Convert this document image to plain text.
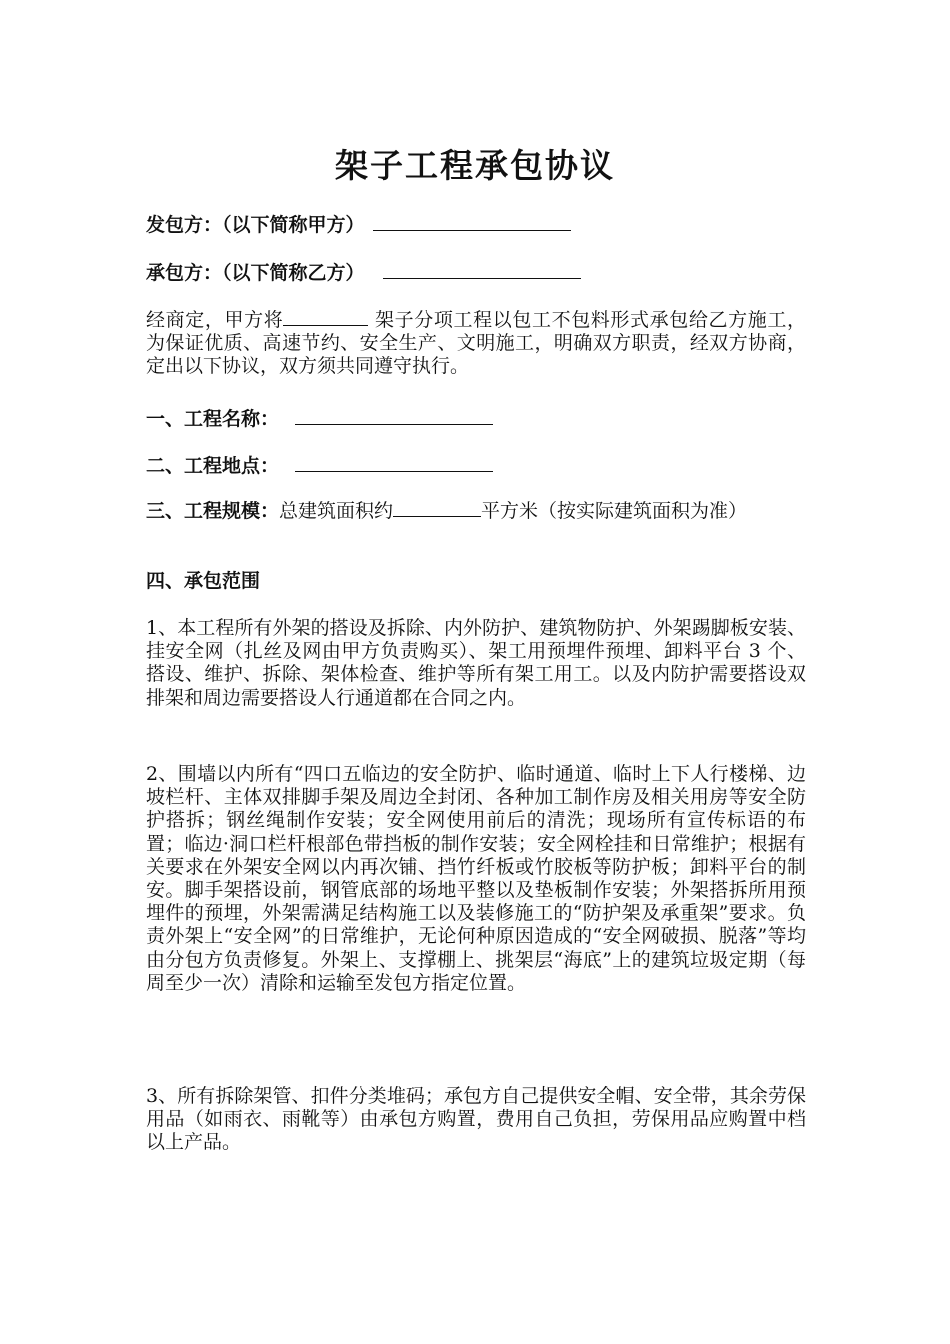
架子工程承包协议
发包方：（以下简称甲方）
承包方：（以下简称乙方）
经商定，甲方将	架子分项工程以包工不包料形式承包给乙方施工，为保证优质、高速节约、安全生产、文明施工，明确双方职责，经双方协商，定出以下协议，双方须共同遵守执行。
一、工程名称：
二、工程地点：
三、工程规模：总建筑面积约	平方米（按实际建筑面积为准）
四、承包范围
1、本工程所有外架的搭设及拆除、内外防护、建筑物防护、外架踢脚板安装、挂安全网（扎丝及网由甲方负责购买）、架工用预埋件预埋、卸料平台 3 个、搭设、维护、拆除、架体检查、维护等所有架工用工。以及内防护需要搭设双排架和周边需要搭设人行通道都在合同之内。
2、围墙以内所有“四口五临边的安全防护、临时通道、临时上下人行楼梯、边坡栏杆、主体双排脚手架及周边全封闭、各种加工制作房及相关用房等安全防护搭拆；钢丝绳制作安装；安全网使用前后的清洗；现场所有宣传标语的布置；临边·洞口栏杆根部色带挡板的制作安装；安全网栓挂和日常维护；根据有关要求在外架安全网以内再次铺、挡竹纤板或竹胶板等防护板；卸料平台的制安。脚手架搭设前，钢管底部的场地平整以及垫板制作安装；外架搭拆所用预埋件的预埋，外架需满足结构施工以及装修施工的“防护架及承重架”要求。负责外架上“安全网”的日常维护，无论何种原因造成的“安全网破损、脱落”等均由分包方负责修复。外架上、支撑棚上、挑架层“海底”上的建筑垃圾定期（每周至少一次）清除和运输至发包方指定位置。
3、所有拆除架管、扣件分类堆码；承包方自己提供安全帽、安全带，其余劳保用品（如雨衣、雨靴等）由承包方购置，费用自己负担，劳保用品应购置中档以上产品。
